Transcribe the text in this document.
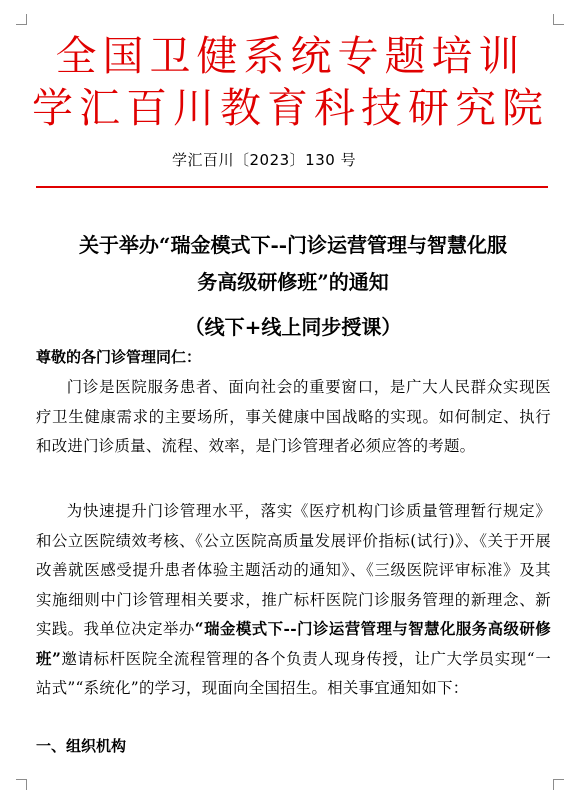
全国卫健系统专题培训
学汇百川教育科技研究院
学汇百川〔2023〕130 号
关于举办“瑞金模式下--门诊运营管理与智慧化服
务高级研修班”的通知
（线下+线上同步授课）
尊敬的各门诊管理同仁：
门诊是医院服务患者、面向社会的重要窗口，是广大人民群众实现医疗卫生健康需求的主要场所，事关健康中国战略的实现。如何制定、执行和改进门诊质量、流程、效率，是门诊管理者必须应答的考题。
为快速提升门诊管理水平，落实《医疗机构门诊质量管理暂行规定》和公立医院绩效考核、《公立医院高质量发展评价指标(试行)》、《关于开展改善就医感受提升患者体验主题活动的通知》、《三级医院评审标准》及其实施细则中门诊管理相关要求，推广标杆医院门诊服务管理的新理念、新实践。我单位决定举办“瑞金模式下--门诊运营管理与智慧化服务高级研修班”邀请标杆医院全流程管理的各个负责人现身传授，让广大学员实现“一站式”“系统化”的学习，现面向全国招生。相关事宜通知如下：
一、组织机构
